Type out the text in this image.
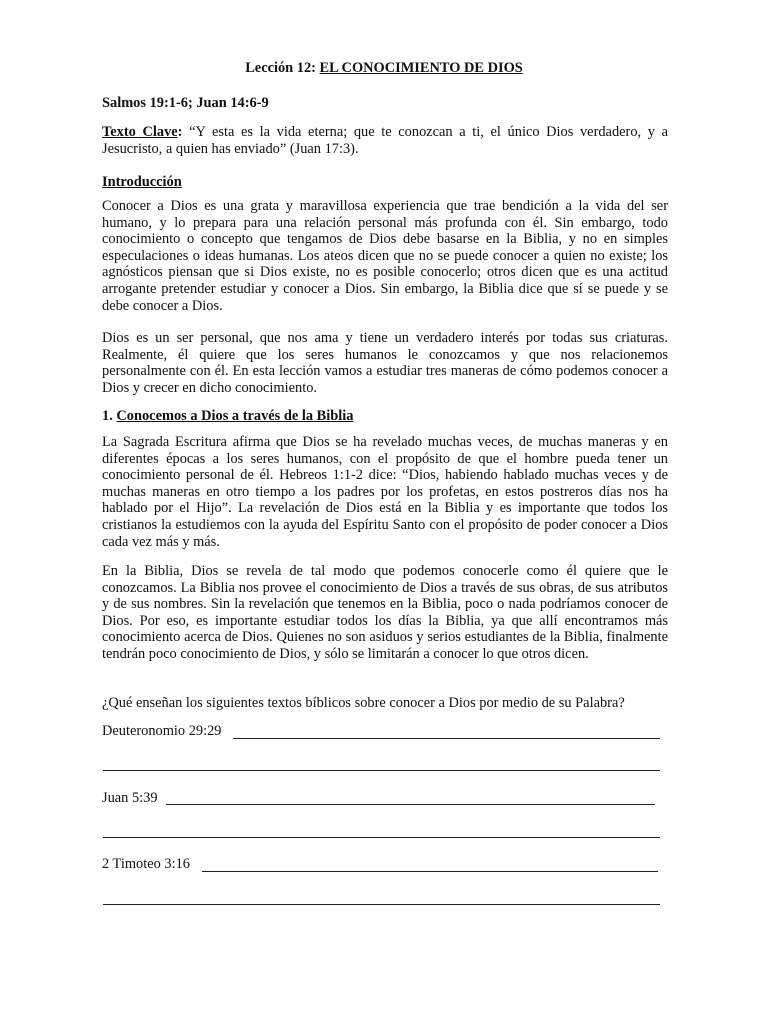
Lección 12: EL CONOCIMIENTO DE DIOS

Salmos 19:1-6; Juan 14:6-9

Texto Clave: “Y esta es la vida eterna; que te conozcan a ti, el único Dios verdadero, y a Jesucristo, a quien has enviado” (Juan 17:3).

Introducción

Conocer a Dios es una grata y maravillosa experiencia que trae bendición a la vida del ser humano, y lo prepara para una relación personal más profunda con él. Sin embargo, todo conocimiento o concepto que tengamos de Dios debe basarse en la Biblia, y no en simples especulaciones o ideas humanas. Los ateos dicen que no se puede conocer a quien no existe; los agnósticos piensan que si Dios existe, no es posible conocerlo; otros dicen que es una actitud arrogante pretender estudiar y conocer a Dios. Sin embargo, la Biblia dice que sí se puede y se debe conocer a Dios.

Dios es un ser personal, que nos ama y tiene un verdadero interés por todas sus criaturas. Realmente, él quiere que los seres humanos le conozcamos y que nos relacionemos personalmente con él. En esta lección vamos a estudiar tres maneras de cómo podemos conocer a Dios y crecer en dicho conocimiento.

1. Conocemos a Dios a través de la Biblia

La Sagrada Escritura afirma que Dios se ha revelado muchas veces, de muchas maneras y en diferentes épocas a los seres humanos, con el propósito de que el hombre pueda tener un conocimiento personal de él. Hebreos 1:1-2 dice: “Dios, habiendo hablado muchas veces y de muchas maneras en otro tiempo a los padres por los profetas, en estos postreros días nos ha hablado por el Hijo”. La revelación de Dios está en la Biblia y es importante que todos los cristianos la estudiemos con la ayuda del Espíritu Santo con el propósito de poder conocer a Dios cada vez más y más.

En la Biblia, Dios se revela de tal modo que podemos conocerle como él quiere que le conozcamos. La Biblia nos provee el conocimiento de Dios a través de sus obras, de sus atributos y de sus nombres. Sin la revelación que tenemos en la Biblia, poco o nada podríamos conocer de Dios. Por eso, es importante estudiar todos los días la Biblia, ya que allí encontramos más conocimiento acerca de Dios. Quienes no son asiduos y serios estudiantes de la Biblia, finalmente tendrán poco conocimiento de Dios, y sólo se limitarán a conocer lo que otros dicen.

¿Qué enseñan los siguientes textos bíblicos sobre conocer a Dios por medio de su Palabra?

Deuteronomio 29:29
Juan 5:39
2 Timoteo 3:16
